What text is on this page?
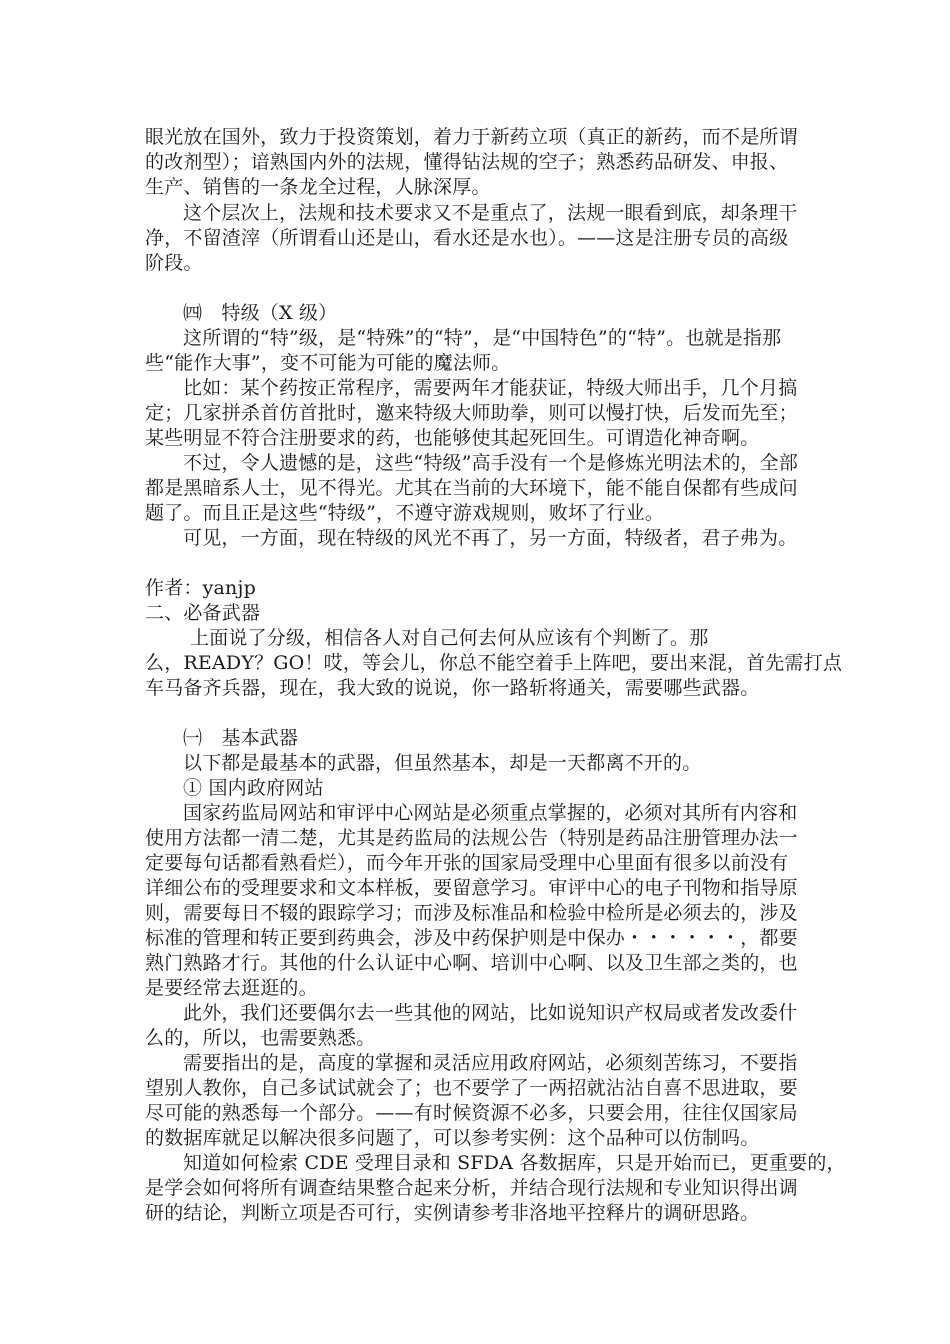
眼光放在国外，致力于投资策划，着力于新药立项（真正的新药，而不是所谓
的改剂型）；谙熟国内外的法规，懂得钻法规的空子；熟悉药品研发、申报、
生产、销售的一条龙全过程，人脉深厚。
这个层次上，法规和技术要求又不是重点了，法规一眼看到底，却条理干
净，不留渣滓（所谓看山还是山，看水还是水也）。——这是注册专员的高级
阶段。
㈣　特级（X 级）
这所谓的“特”级，是“特殊”的“特”，是“中国特色”的“特”。也就是指那
些“能作大事”，变不可能为可能的魔法师。
比如：某个药按正常程序，需要两年才能获证，特级大师出手，几个月搞
定；几家拼杀首仿首批时，邀来特级大师助拳，则可以慢打快，后发而先至；
某些明显不符合注册要求的药，也能够使其起死回生。可谓造化神奇啊。
不过，令人遗憾的是，这些“特级”高手没有一个是修炼光明法术的，全部
都是黑暗系人士，见不得光。尤其在当前的大环境下，能不能自保都有些成问
题了。而且正是这些“特级”，不遵守游戏规则，败坏了行业。
可见，一方面，现在特级的风光不再了，另一方面，特级者，君子弗为。
作者：yanjp
二、必备武器
上面说了分级，相信各人对自己何去何从应该有个判断了。那
么，READY？GO！哎，等会儿，你总不能空着手上阵吧，要出来混，首先需打点
车马备齐兵器，现在，我大致的说说，你一路斩将通关，需要哪些武器。
㈠　基本武器
以下都是最基本的武器，但虽然基本，却是一天都离不开的。
① 国内政府网站
国家药监局网站和审评中心网站是必须重点掌握的，必须对其所有内容和
使用方法都一清二楚，尤其是药监局的法规公告（特别是药品注册管理办法一
定要每句话都看熟看烂），而今年开张的国家局受理中心里面有很多以前没有
详细公布的受理要求和文本样板，要留意学习。审评中心的电子刊物和指导原
则，需要每日不辍的跟踪学习；而涉及标准品和检验中检所是必须去的，涉及
标准的管理和转正要到药典会，涉及中药保护则是中保办・・・・・・，都要
熟门熟路才行。其他的什么认证中心啊、培训中心啊、以及卫生部之类的，也
是要经常去逛逛的。
此外，我们还要偶尔去一些其他的网站，比如说知识产权局或者发改委什
么的，所以，也需要熟悉。
需要指出的是，高度的掌握和灵活应用政府网站，必须刻苦练习，不要指
望别人教你，自己多试试就会了；也不要学了一两招就沾沾自喜不思进取，要
尽可能的熟悉每一个部分。——有时候资源不必多，只要会用，往往仅国家局
的数据库就足以解决很多问题了，可以参考实例：这个品种可以仿制吗。
知道如何检索 CDE 受理目录和 SFDA 各数据库，只是开始而已，更重要的，
是学会如何将所有调查结果整合起来分析，并结合现行法规和专业知识得出调
研的结论，判断立项是否可行，实例请参考非洛地平控释片的调研思路。
